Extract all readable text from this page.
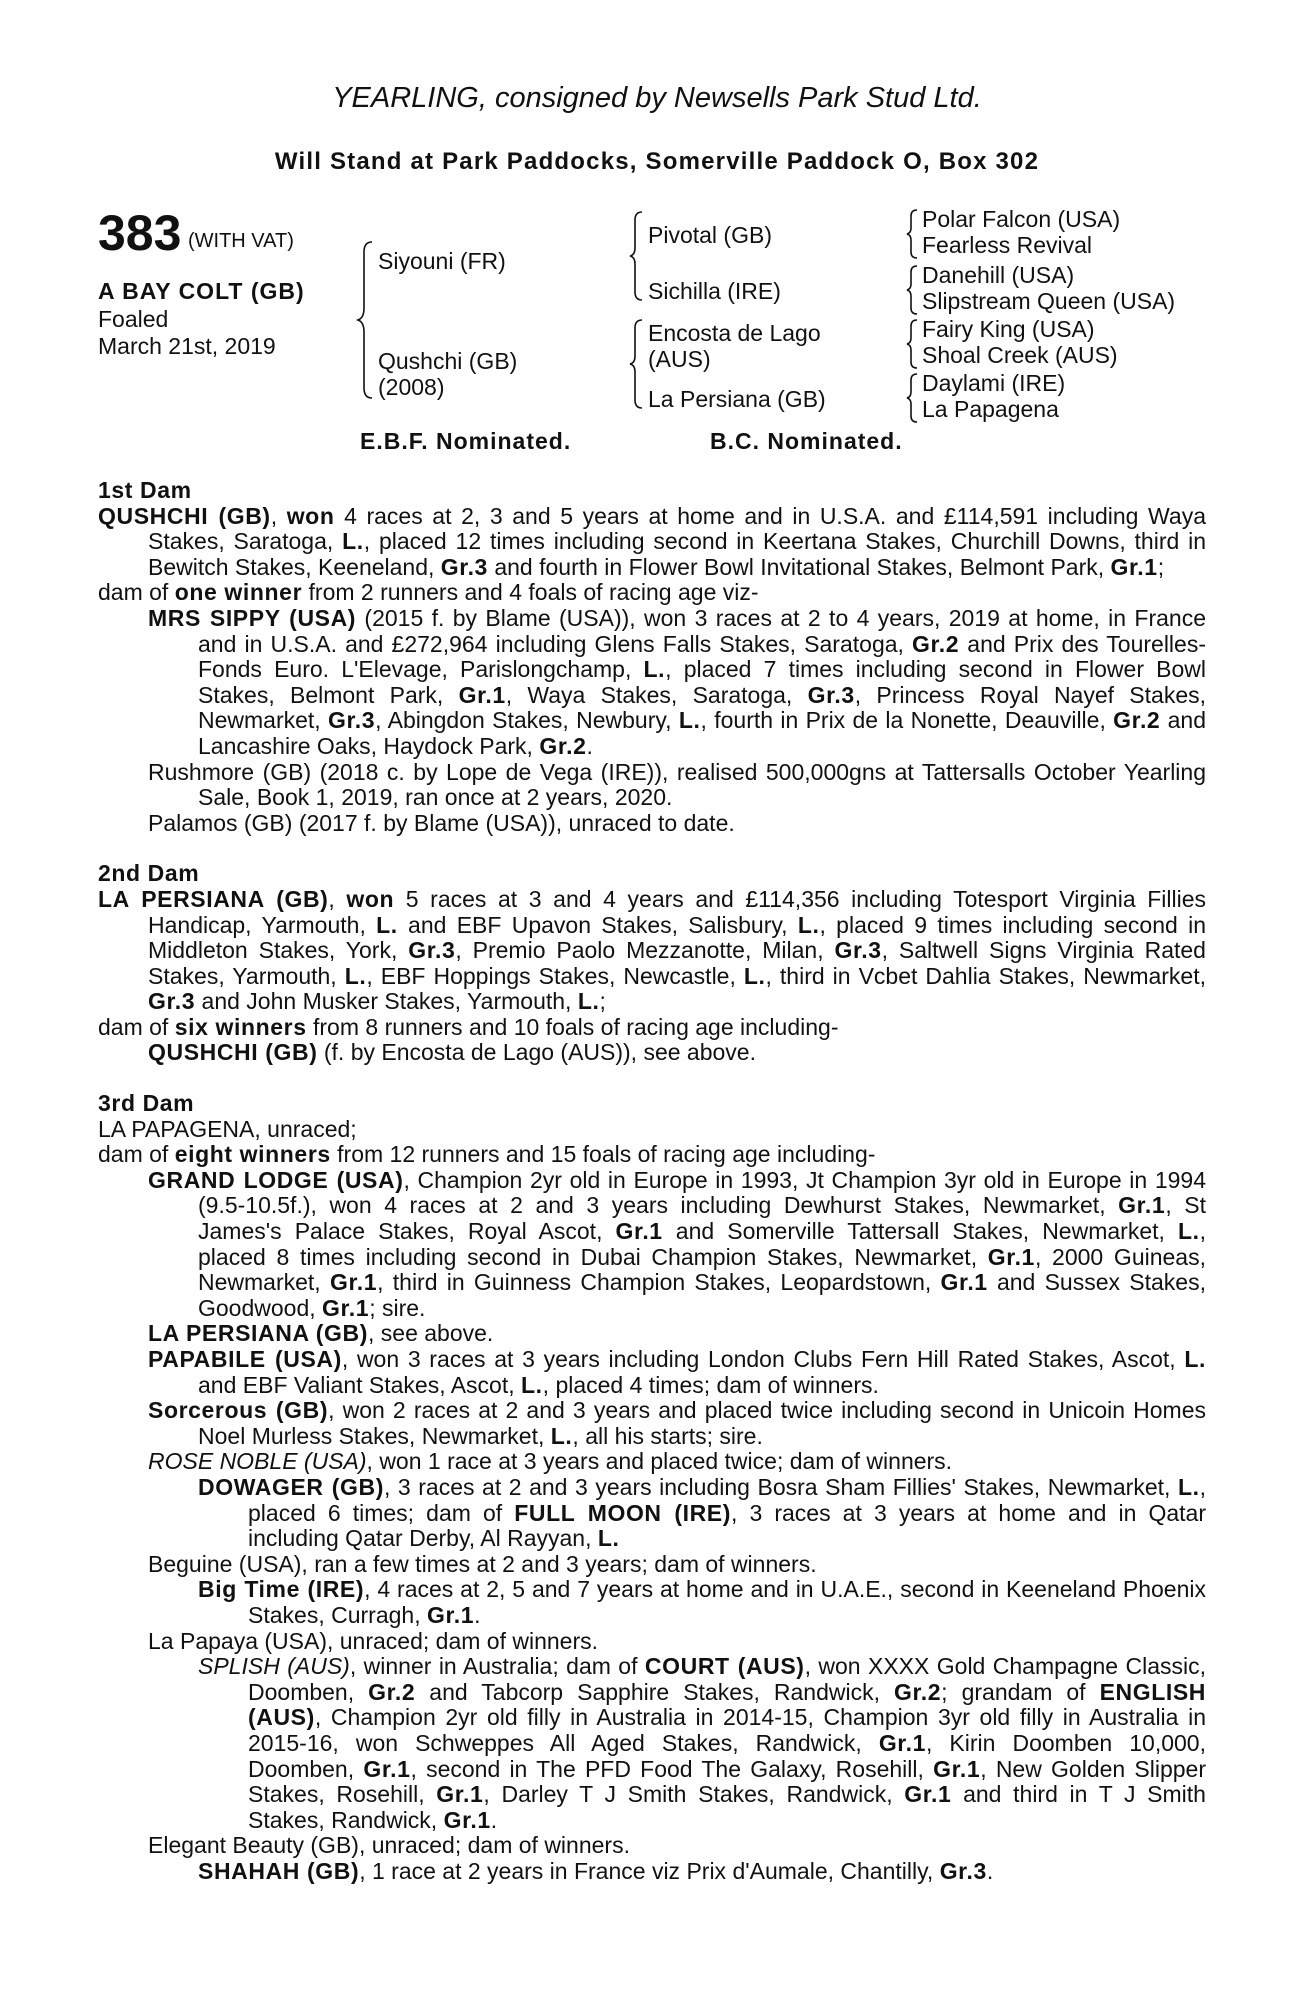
YEARLING, consigned by Newsells Park Stud Ltd.
Will Stand at Park Paddocks, Somerville Paddock O, Box 302
383 (WITH VAT)
A BAY COLT (GB)
Foaled
March 21st, 2019
Siyouni (FR)
Qushchi (GB)
(2008)
Pivotal (GB)
Sichilla (IRE)
Encosta de Lago
(AUS)
La Persiana (GB)
Polar Falcon (USA)
Fearless Revival
Danehill (USA)
Slipstream Queen (USA)
Fairy King (USA)
Shoal Creek (AUS)
Daylami (IRE)
La Papagena
E.B.F. Nominated.	B.C. Nominated.
1st Dam

QUSHCHI (GB), won 4 races at 2, 3 and 5 years at home and in U.S.A. and £114,591 including Waya Stakes, Saratoga, L., placed 12 times including second in Keertana Stakes, Churchill Downs, third in Bewitch Stakes, Keeneland, Gr.3 and fourth in Flower Bowl Invitational Stakes, Belmont Park, Gr.1;

dam of one winner from 2 runners and 4 foals of racing age viz-

MRS SIPPY (USA) (2015 f. by Blame (USA)), won 3 races at 2 to 4 years, 2019 at home, in France and in U.S.A. and £272,964 including Glens Falls Stakes, Saratoga, Gr.2 and Prix des Tourelles-Fonds Euro. L'Elevage, Parislongchamp, L., placed 7 times including second in Flower Bowl Stakes, Belmont Park, Gr.1, Waya Stakes, Saratoga, Gr.3, Princess Royal Nayef Stakes, Newmarket, Gr.3, Abingdon Stakes, Newbury, L., fourth in Prix de la Nonette, Deauville, Gr.2 and Lancashire Oaks, Haydock Park, Gr.2.

Rushmore (GB) (2018 c. by Lope de Vega (IRE)), realised 500,000gns at Tattersalls October Yearling Sale, Book 1, 2019, ran once at 2 years, 2020.

Palamos (GB) (2017 f. by Blame (USA)), unraced to date.

2nd Dam

LA PERSIANA (GB), won 5 races at 3 and 4 years and £114,356 including Totesport Virginia Fillies Handicap, Yarmouth, L. and EBF Upavon Stakes, Salisbury, L., placed 9 times including second in Middleton Stakes, York, Gr.3, Premio Paolo Mezzanotte, Milan, Gr.3, Saltwell Signs Virginia Rated Stakes, Yarmouth, L., EBF Hoppings Stakes, Newcastle, L., third in Vcbet Dahlia Stakes, Newmarket, Gr.3 and John Musker Stakes, Yarmouth, L.;

dam of six winners from 8 runners and 10 foals of racing age including-

QUSHCHI (GB) (f. by Encosta de Lago (AUS)), see above.

3rd Dam

LA PAPAGENA, unraced;

dam of eight winners from 12 runners and 15 foals of racing age including-

GRAND LODGE (USA), Champion 2yr old in Europe in 1993, Jt Champion 3yr old in Europe in 1994 (9.5-10.5f.), won 4 races at 2 and 3 years including Dewhurst Stakes, Newmarket, Gr.1, St James's Palace Stakes, Royal Ascot, Gr.1 and Somerville Tattersall Stakes, Newmarket, L., placed 8 times including second in Dubai Champion Stakes, Newmarket, Gr.1, 2000 Guineas, Newmarket, Gr.1, third in Guinness Champion Stakes, Leopardstown, Gr.1 and Sussex Stakes, Goodwood, Gr.1; sire.

LA PERSIANA (GB), see above.

PAPABILE (USA), won 3 races at 3 years including London Clubs Fern Hill Rated Stakes, Ascot, L. and EBF Valiant Stakes, Ascot, L., placed 4 times; dam of winners.

Sorcerous (GB), won 2 races at 2 and 3 years and placed twice including second in Unicoin Homes Noel Murless Stakes, Newmarket, L., all his starts; sire.

ROSE NOBLE (USA), won 1 race at 3 years and placed twice; dam of winners.

DOWAGER (GB), 3 races at 2 and 3 years including Bosra Sham Fillies' Stakes, Newmarket, L., placed 6 times; dam of FULL MOON (IRE), 3 races at 3 years at home and in Qatar including Qatar Derby, Al Rayyan, L.

Beguine (USA), ran a few times at 2 and 3 years; dam of winners.

Big Time (IRE), 4 races at 2, 5 and 7 years at home and in U.A.E., second in Keeneland Phoenix Stakes, Curragh, Gr.1.

La Papaya (USA), unraced; dam of winners.

SPLISH (AUS), winner in Australia; dam of COURT (AUS), won XXXX Gold Champagne Classic, Doomben, Gr.2 and Tabcorp Sapphire Stakes, Randwick, Gr.2; grandam of ENGLISH (AUS), Champion 2yr old filly in Australia in 2014-15, Champion 3yr old filly in Australia in 2015-16, won Schweppes All Aged Stakes, Randwick, Gr.1, Kirin Doomben 10,000, Doomben, Gr.1, second in The PFD Food The Galaxy, Rosehill, Gr.1, New Golden Slipper Stakes, Rosehill, Gr.1, Darley T J Smith Stakes, Randwick, Gr.1 and third in T J Smith Stakes, Randwick, Gr.1.

Elegant Beauty (GB), unraced; dam of winners.

SHAHAH (GB), 1 race at 2 years in France viz Prix d'Aumale, Chantilly, Gr.3.
